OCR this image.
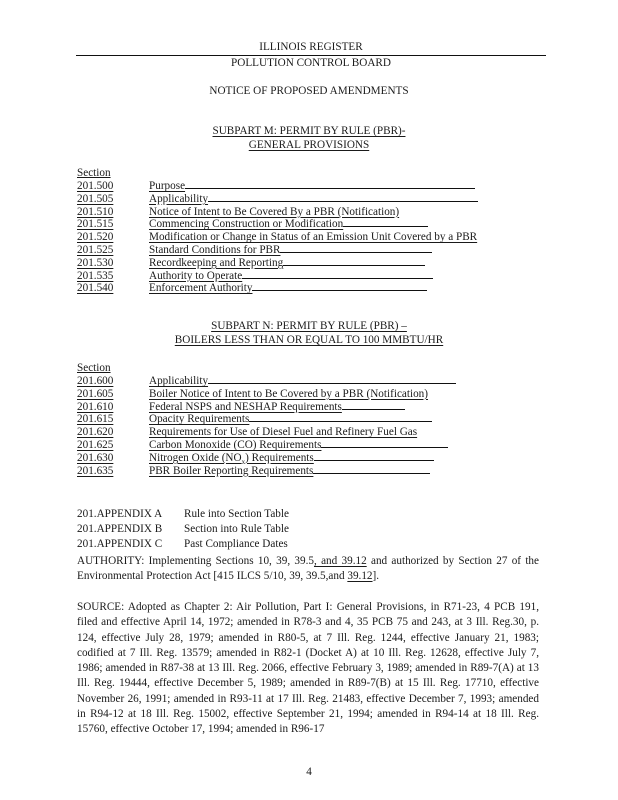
ILLINOIS REGISTER
POLLUTION CONTROL BOARD
NOTICE OF PROPOSED AMENDMENTS
SUBPART M: PERMIT BY RULE (PBR)-
GENERAL PROVISIONS
Section
201.500	Purpose
201.505	Applicability
201.510	Notice of Intent to Be Covered By a PBR (Notification)
201.515	Commencing Construction or Modification
201.520	Modification or Change in Status of an Emission Unit Covered by a PBR
201.525	Standard Conditions for PBR
201.530	Recordkeeping and Reporting
201.535	Authority to Operate
201.540	Enforcement Authority
SUBPART N: PERMIT BY RULE (PBR) –
BOILERS LESS THAN OR EQUAL TO 100 MMBTU/HR
Section
201.600	Applicability
201.605	Boiler Notice of Intent to Be Covered by a PBR (Notification)
201.610	Federal NSPS and NESHAP Requirements
201.615	Opacity Requirements
201.620	Requirements for Use of Diesel Fuel and Refinery Fuel Gas
201.625	Carbon Monoxide (CO) Requirements
201.630	Nitrogen Oxide $(NO_x)$ Requirements
201.635	PBR Boiler Reporting Requirements
201.APPENDIX A Rule into Section Table
201.APPENDIX B Section into Rule Table
201.APPENDIX C Past Compliance Dates
AUTHORITY: Implementing Sections 10, 39, 39.5, and 39.12 and authorized by Section 27 of the Environmental Protection Act [415 ILCS 5/10, 39, 39.5,and 39.12].
SOURCE: Adopted as Chapter 2: Air Pollution, Part I: General Provisions, in R71-23, 4 PCB 191, filed and effective April 14, 1972; amended in R78-3 and 4, 35 PCB 75 and 243, at 3 Ill. Reg.30, p. 124, effective July 28, 1979; amended in R80-5, at 7 Ill. Reg. 1244, effective January 21, 1983; codified at 7 Ill. Reg. 13579; amended in R82-1 (Docket A) at 10 Ill. Reg. 12628, effective July 7, 1986; amended in R87-38 at 13 Ill. Reg. 2066, effective February 3, 1989; amended in R89-7(A) at 13 Ill. Reg. 19444, effective December 5, 1989; amended in R89-7(B) at 15 Ill. Reg. 17710, effective November 26, 1991; amended in R93-11 at 17 Ill. Reg. 21483, effective December 7, 1993; amended in R94-12 at 18 Ill. Reg. 15002, effective September 21, 1994; amended in R94-14 at 18 Ill. Reg. 15760, effective October 17, 1994; amended in R96-17
4
